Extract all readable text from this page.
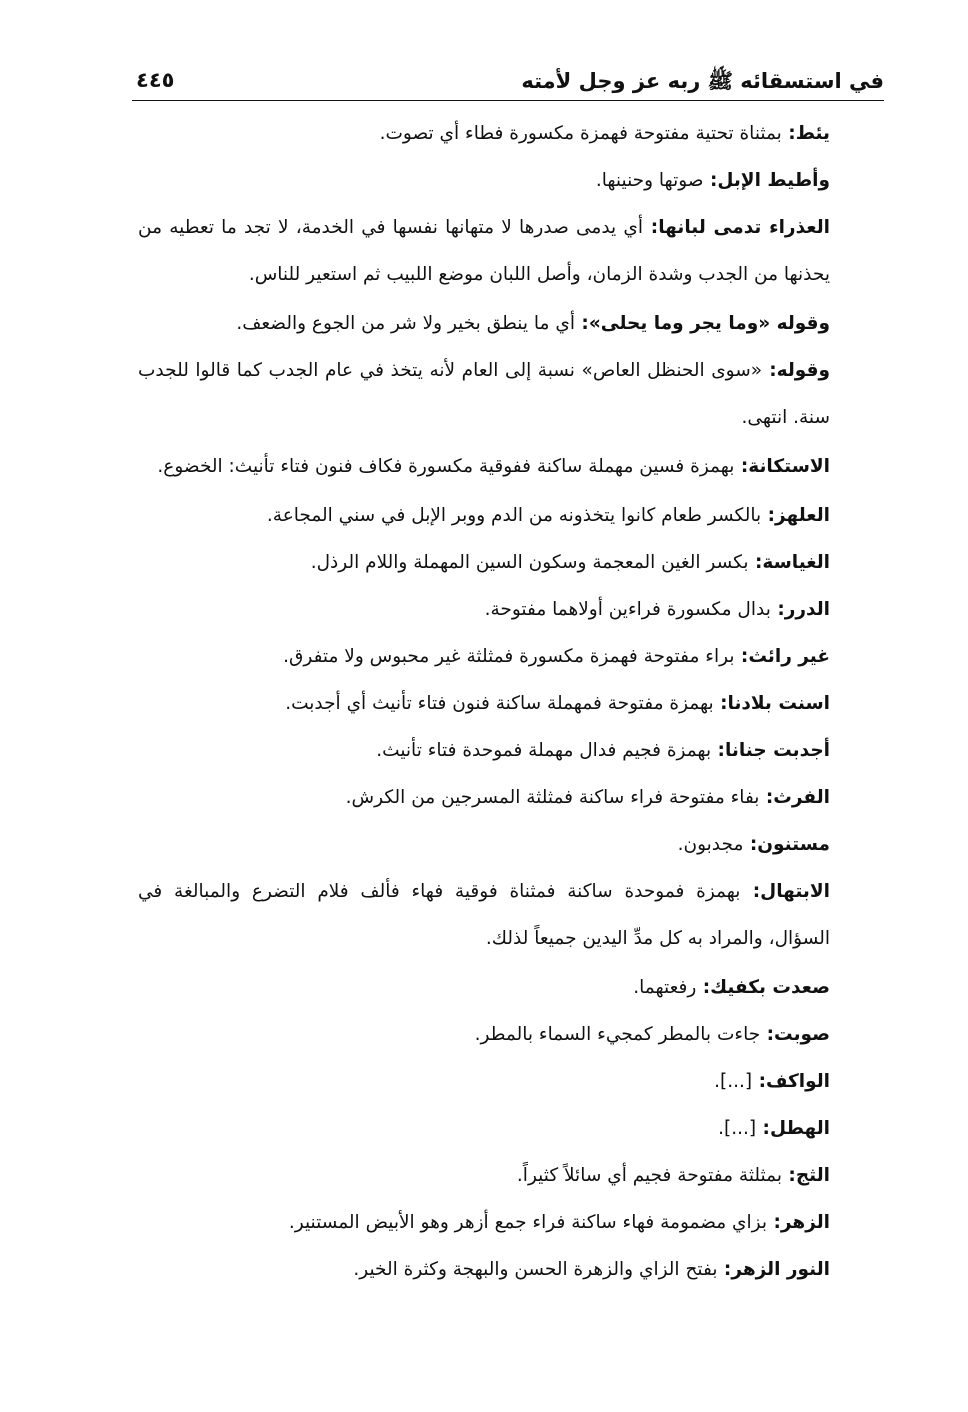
في استسقائه ﷺ ربه عز وجل لأمته
٤٤٥

يئط: بمثناة تحتية مفتوحة فهمزة مكسورة فطاء أي تصوت.

وأطيط الإبل: صوتها وحنينها.

العذراء تدمى لبانها: أي يدمى صدرها لا متهانها نفسها في الخدمة، لا تجد ما تعطيه من يحذنها من الجدب وشدة الزمان، وأصل اللبان موضع اللبيب ثم استعير للناس.

وقوله «وما يجر وما يحلى»: أي ما ينطق بخير ولا شر من الجوع والضعف.

وقوله: «سوى الحنظل العاص» نسبة إلى العام لأنه يتخذ في عام الجدب كما قالوا للجدب سنة. انتهى.

الاستكانة: بهمزة فسين مهملة ساكنة ففوقية مكسورة فكاف فنون فتاء تأنيث: الخضوع.

العلهز: بالكسر طعام كانوا يتخذونه من الدم ووبر الإبل في سني المجاعة.

الغياسة: بكسر الغين المعجمة وسكون السين المهملة واللام الرذل.

الدرر: بدال مكسورة فراءين أولاهما مفتوحة.

غير رائث: براء مفتوحة فهمزة مكسورة فمثلثة غير محبوس ولا متفرق.

اسنت بلادنا: بهمزة مفتوحة فمهملة ساكنة فنون فتاء تأنيث أي أجدبت.

أجدبت جنانا: بهمزة فجيم فدال مهملة فموحدة فتاء تأنيث.

الفرث: بفاء مفتوحة فراء ساكنة فمثلثة المسرجين من الكرش.

مستنون: مجدبون.

الابتهال: بهمزة فموحدة ساكنة فمثناة فوقية فهاء فألف فلام التضرع والمبالغة في السؤال، والمراد به كل مدِّ اليدين جميعاً لذلك.

صعدت بكفيك: رفعتهما.

صوبت: جاءت بالمطر كمجيء السماء بالمطر.

الواكف: [...].

الهطل: [...].

الثج: بمثلثة مفتوحة فجيم أي سائلاً كثيراً.

الزهر: بزاي مضمومة فهاء ساكنة فراء جمع أزهر وهو الأبيض المستنير.

النور الزهر: بفتح الزاي والزهرة الحسن والبهجة وكثرة الخير.
